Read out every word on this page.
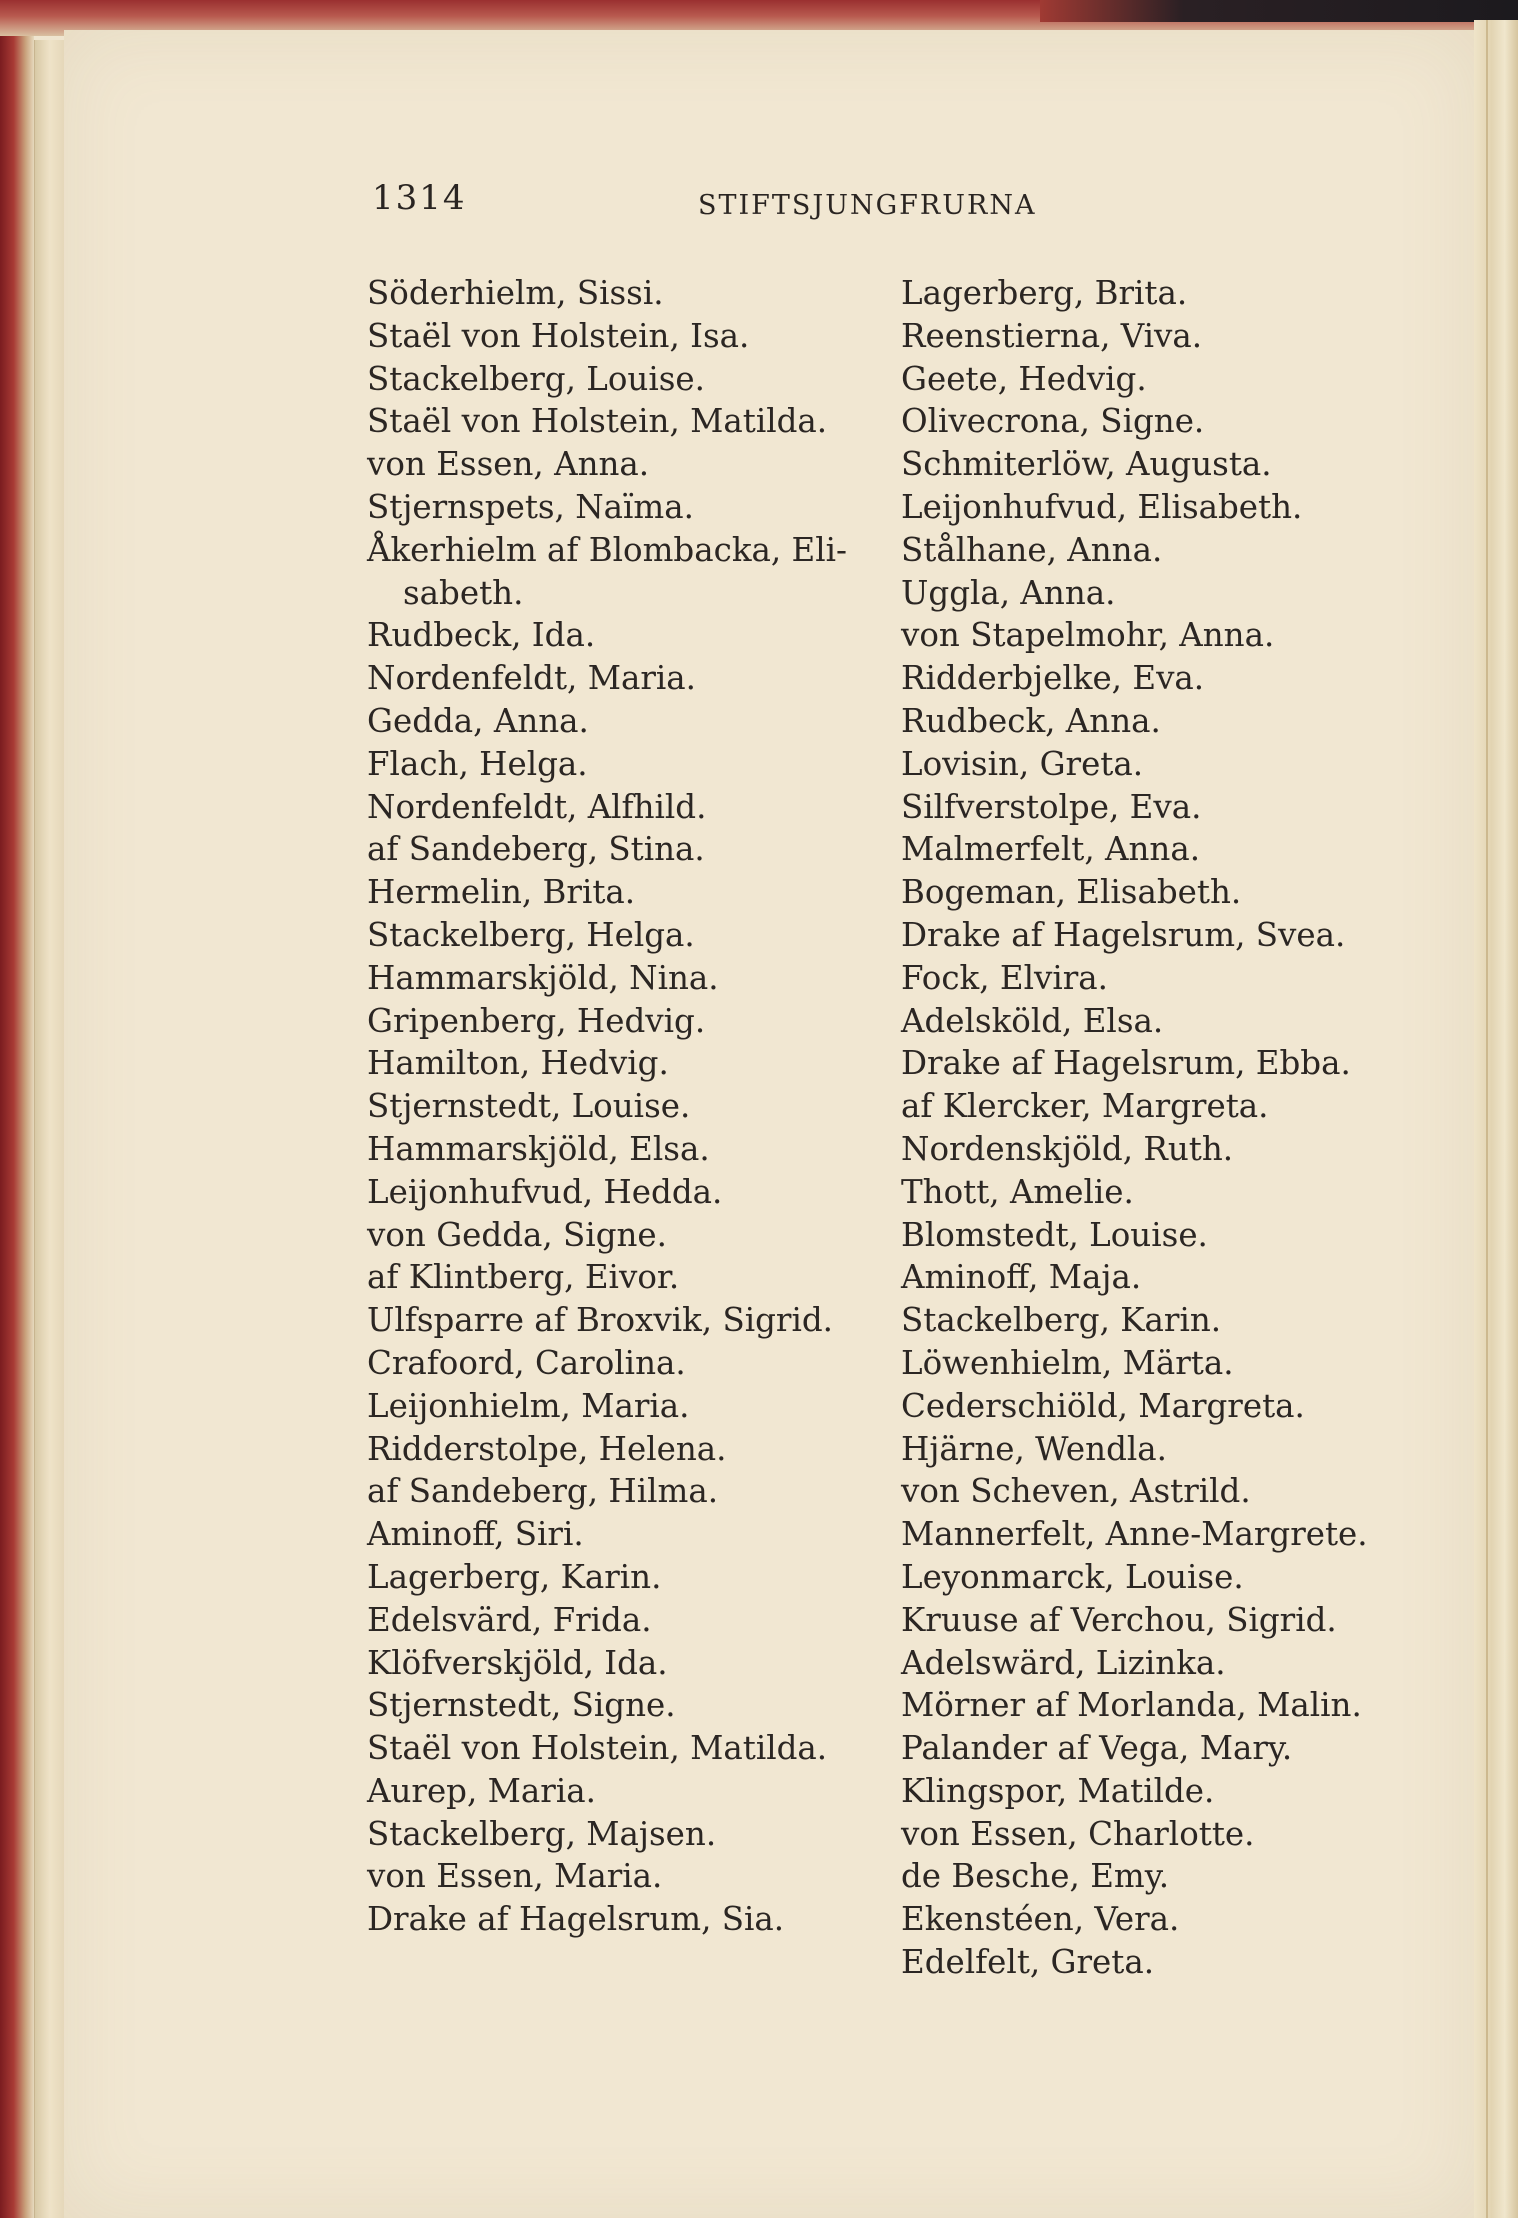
1314	STIFTSJUNGFRURNA
Söderhielm, Sissi.
Staël von Holstein, Isa.
Stackelberg, Louise.
Staël von Holstein, Matilda.
von Essen, Anna.
Stjernspets, Naïma.
Åkerhielm af Blombacka, Eli-
sabeth.
Rudbeck, Ida.
Nordenfeldt, Maria.
Gedda, Anna.
Flach, Helga.
Nordenfeldt, Alfhild.
af Sandeberg, Stina.
Hermelin, Brita.
Stackelberg, Helga.
Hammarskjöld, Nina.
Gripenberg, Hedvig.
Hamilton, Hedvig.
Stjernstedt, Louise.
Hammarskjöld, Elsa.
Leijonhufvud, Hedda.
von Gedda, Signe.
af Klintberg, Eivor.
Ulfsparre af Broxvik, Sigrid.
Crafoord, Carolina.
Leijonhielm, Maria.
Ridderstolpe, Helena.
af Sandeberg, Hilma.
Aminoff, Siri.
Lagerberg, Karin.
Edelsvärd, Frida.
Klöfverskjöld, Ida.
Stjernstedt, Signe.
Staël von Holstein, Matilda.
Aurep, Maria.
Stackelberg, Majsen.
von Essen, Maria.
Drake af Hagelsrum, Sia.
Lagerberg, Brita.
Reenstierna, Viva.
Geete, Hedvig.
Olivecrona, Signe.
Schmiterlöw, Augusta.
Leijonhufvud, Elisabeth.
Stålhane, Anna.
Uggla, Anna.
von Stapelmohr, Anna.
Ridderbjelke, Eva.
Rudbeck, Anna.
Lovisin, Greta.
Silfverstolpe, Eva.
Malmerfelt, Anna.
Bogeman, Elisabeth.
Drake af Hagelsrum, Svea.
Fock, Elvira.
Adelsköld, Elsa.
Drake af Hagelsrum, Ebba.
af Klercker, Margreta.
Nordenskjöld, Ruth.
Thott, Amelie.
Blomstedt, Louise.
Aminoff, Maja.
Stackelberg, Karin.
Löwenhielm, Märta.
Cederschiöld, Margreta.
Hjärne, Wendla.
von Scheven, Astrild.
Mannerfelt, Anne-Margrete.
Leyonmarck, Louise.
Kruuse af Verchou, Sigrid.
Adelswärd, Lizinka.
Mörner af Morlanda, Malin.
Palander af Vega, Mary.
Klingspor, Matilde.
von Essen, Charlotte.
de Besche, Emy.
Ekenstéen, Vera.
Edelfelt, Greta.
